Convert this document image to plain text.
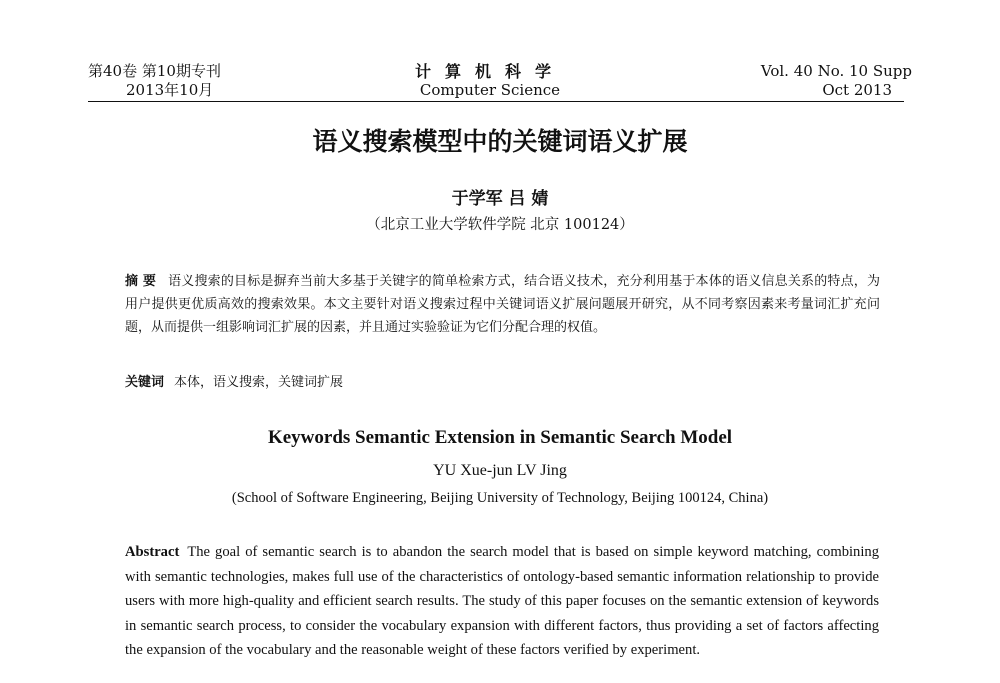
第40卷 第10期专刊
2013年10月
计算机科学
Computer Science
Vol. 40 No. 10 Supp
Oct 2013
语义搜索模型中的关键词语义扩展
于学军 吕 婧
（北京工业大学软件学院 北京 100124）
摘 要 语义搜索的目标是摒弃当前大多基于关键字的简单检索方式，结合语义技术，充分利用基于本体的语义信息关系的特点，为用户提供更优质高效的搜索效果。本文主要针对语义搜索过程中关键词语义扩展问题展开研究，从不同考察因素来考量词汇扩充问题，从而提供一组影响词汇扩展的因素，并且通过实验验证为它们分配合理的权值。
关键词 本体，语义搜索，关键词扩展
Keywords Semantic Extension in Semantic Search Model
YU Xue-jun LV Jing
(School of Software Engineering, Beijing University of Technology, Beijing 100124, China)
Abstract The goal of semantic search is to abandon the search model that is based on simple keyword matching, combining with semantic technologies, makes full use of the characteristics of ontology-based semantic information relationship to provide users with more high-quality and efficient search results. The study of this paper focuses on the semantic extension of keywords in semantic search process, to consider the vocabulary expansion with different factors, thus providing a set of factors affecting the expansion of the vocabulary and the reasonable weight of these factors verified by experiment.
